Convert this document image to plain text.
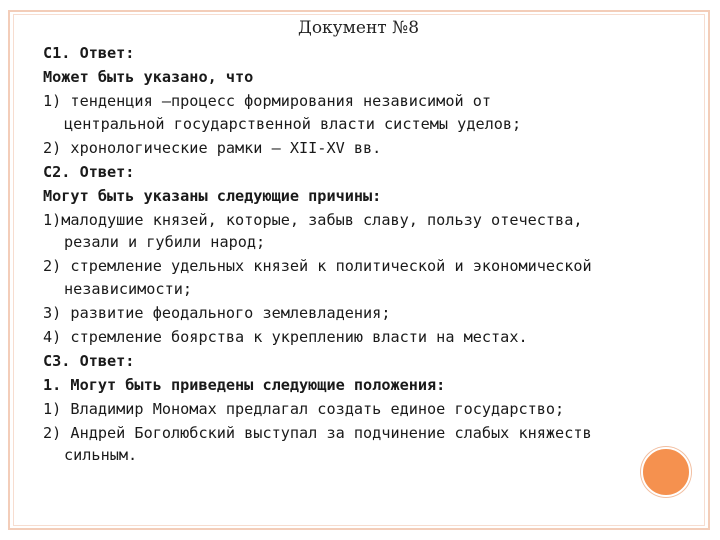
Документ №8
С1. Ответ:
Может быть указано, что
1) тенденция —процесс формирования независимой от
центральной государственной власти системы уделов;
2) хронологические рамки — XII-XV вв.
С2. Ответ:
Могут быть указаны следующие причины:
1)малодушие князей, которые, забыв славу, пользу отечества,
резали и губили народ;
2) стремление удельных князей к политической и экономической
независимости;
3) развитие феодального землевладения;
4) стремление боярства к укреплению власти на местах.
СЗ. Ответ:
1. Могут быть приведены следующие положения:
1) Владимир Мономах предлагал создать единое государство;
2) Андрей Боголюбский выступал за подчинение слабых княжеств
сильным.
